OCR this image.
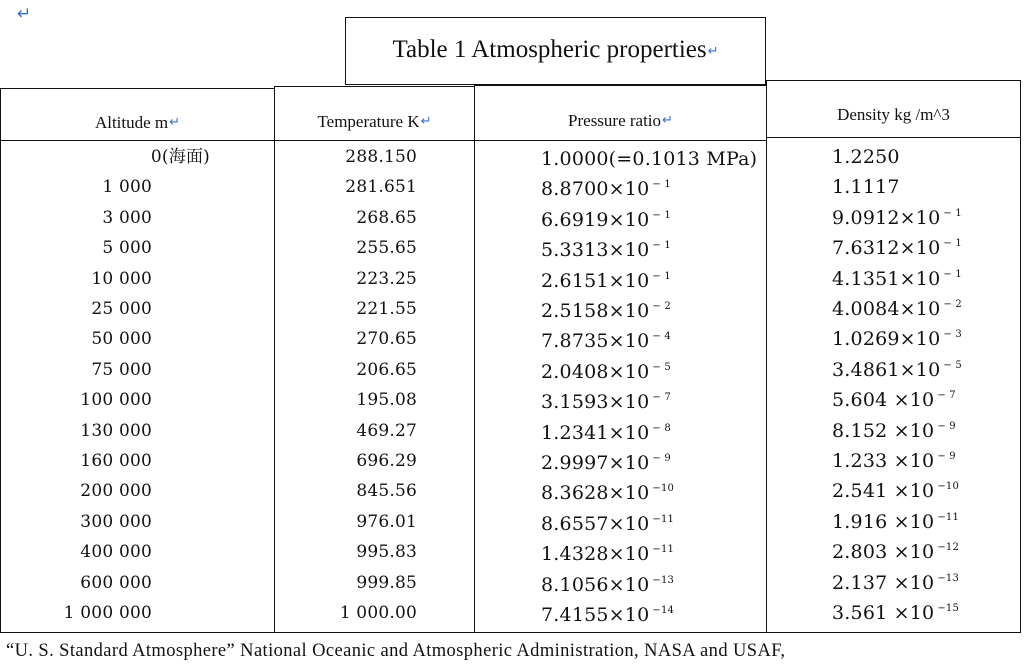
↵
Table 1 Atmospheric properties↵
Altitude m↵	Temperature K↵	Pressure ratio↵	Density kg /m^3
0(海面)	288.150	1.0000(=0.1013 MPa)	1.2250
1 000	281.651	8.8700×10 $^{- 1}$	1.1117
3 000	268.65	6.6919×10 $^{- 1}$	9.0912×10 $^{- 1}$
5 000	255.65	5.3313×10 $^{- 1}$	7.6312×10 $^{- 1}$
10 000	223.25	2.6151×10 $^{- 1}$	4.1351×10 $^{- 1}$
25 000	221.55	2.5158×10 $^{- 2}$	4.0084×10 $^{- 2}$
50 000	270.65	7.8735×10 $^{- 4}$	1.0269×10 $^{- 3}$
75 000	206.65	2.0408×10 $^{- 5}$	3.4861×10 $^{- 5}$
100 000	195.08	3.1593×10 $^{- 7}$	5.604 ×10 $^{- 7}$
130 000	469.27	1.2341×10 $^{- 8}$	8.152 ×10 $^{- 9}$
160 000	696.29	2.9997×10 $^{- 9}$	1.233 ×10 $^{- 9}$
200 000	845.56	8.3628×10 $^{-10}$	2.541 ×10 $^{-10}$
300 000	976.01	8.6557×10 $^{-11}$	1.916 ×10 $^{-11}$
400 000	995.83	1.4328×10 $^{-11}$	2.803 ×10 $^{-12}$
600 000	999.85	8.1056×10 $^{-13}$	2.137 ×10 $^{-13}$
1 000 000	1 000.00	7.4155×10 $^{-14}$	3.561 ×10 $^{-15}$
“U. S. Standard Atmosphere” National Oceanic and Atmospheric Administration, NASA and USAF,
